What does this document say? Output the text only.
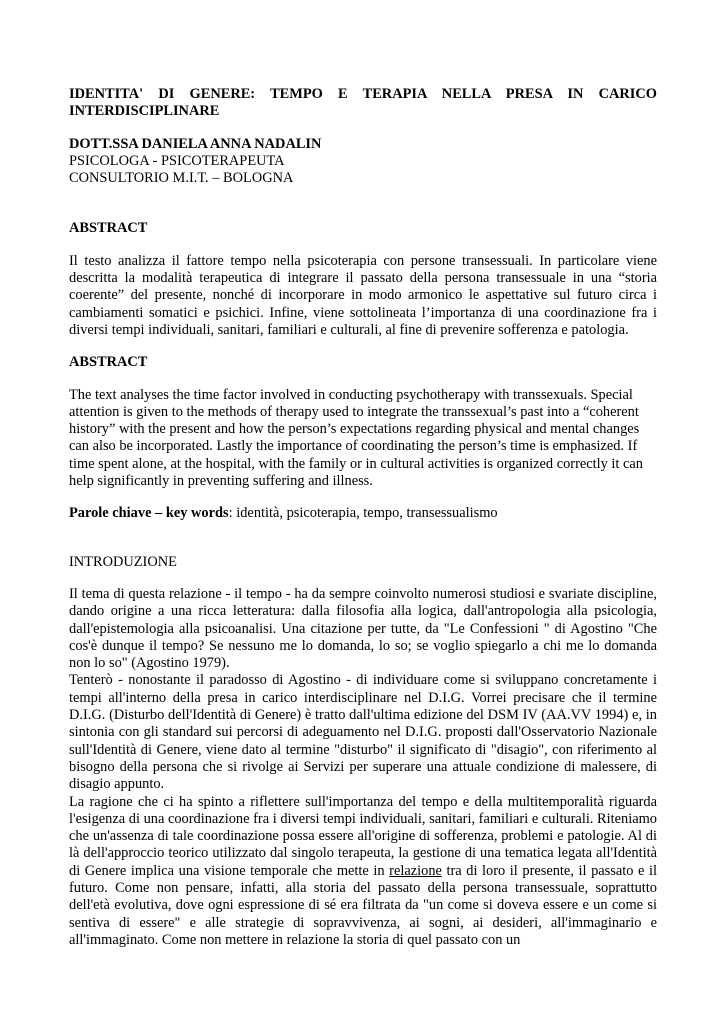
IDENTITA' DI GENERE: TEMPO E TERAPIA NELLA PRESA IN CARICO
INTERDISCIPLINARE
DOTT.SSA DANIELA ANNA NADALIN
PSICOLOGA - PSICOTERAPEUTA
CONSULTORIO M.I.T. – BOLOGNA
ABSTRACT

Il testo analizza il fattore tempo nella psicoterapia con persone transessuali. In particolare viene descritta la modalità terapeutica di integrare il passato della persona transessuale in una “storia coerente” del presente, nonché di incorporare in modo armonico le aspettative sul futuro circa i cambiamenti somatici e psichici. Infine, viene sottolineata l’importanza di una coordinazione fra i diversi tempi individuali, sanitari, familiari e culturali, al fine di prevenire sofferenza e patologia.

ABSTRACT

The text analyses the time factor involved in conducting psychotherapy with transsexuals. Special attention is given to the methods of therapy used to integrate the transsexual’s past into a “coherent history” with the present and how the person’s expectations regarding physical and mental changes can also be incorporated. Lastly the importance of coordinating the person’s time is emphasized. If time spent alone, at the hospital, with the family or in cultural activities is organized correctly it can help significantly in preventing suffering and illness.

Parole chiave – key words: identità, psicoterapia, tempo, transessualismo

INTRODUZIONE

Il tema di questa relazione - il tempo - ha da sempre coinvolto numerosi studiosi e svariate discipline, dando origine a una ricca letteratura: dalla filosofia alla logica, dall'antropologia alla psicologia, dall'epistemologia alla psicoanalisi. Una citazione per tutte, da "Le Confessioni " di Agostino "Che cos'è dunque il tempo? Se nessuno me lo domanda, lo so; se voglio spiegarlo a chi me lo domanda non lo so" (Agostino 1979).

Tenterò - nonostante il paradosso di Agostino - di individuare come si sviluppano concretamente i tempi all'interno della presa in carico interdisciplinare nel D.I.G. Vorrei precisare che il termine D.I.G. (Disturbo dell'Identità di Genere) è tratto dall'ultima edizione del DSM IV (AA.VV 1994) e, in sintonia con gli standard sui percorsi di adeguamento nel D.I.G. proposti dall'Osservatorio Nazionale sull'Identità di Genere, viene dato al termine "disturbo" il significato di "disagio", con riferimento al bisogno della persona che si rivolge ai Servizi per superare una attuale condizione di malessere, di disagio appunto.

La ragione che ci ha spinto a riflettere sull'importanza del tempo e della multitemporalità riguarda l'esigenza di una coordinazione fra i diversi tempi individuali, sanitari, familiari e culturali. Riteniamo che un'assenza di tale coordinazione possa essere all'origine di sofferenza, problemi e patologie. Al di là dell'approccio teorico utilizzato dal singolo terapeuta, la gestione di una tematica legata all'Identità di Genere implica una visione temporale che mette in relazione tra di loro il presente, il passato e il futuro. Come non pensare, infatti, alla storia del passato della persona transessuale, soprattutto dell'età evolutiva, dove ogni espressione di sé era filtrata da "un come si doveva essere e un come si sentiva di essere" e alle strategie di sopravvivenza, ai sogni, ai desideri, all'immaginario e all'immaginato. Come non mettere in relazione la storia di quel passato con un
